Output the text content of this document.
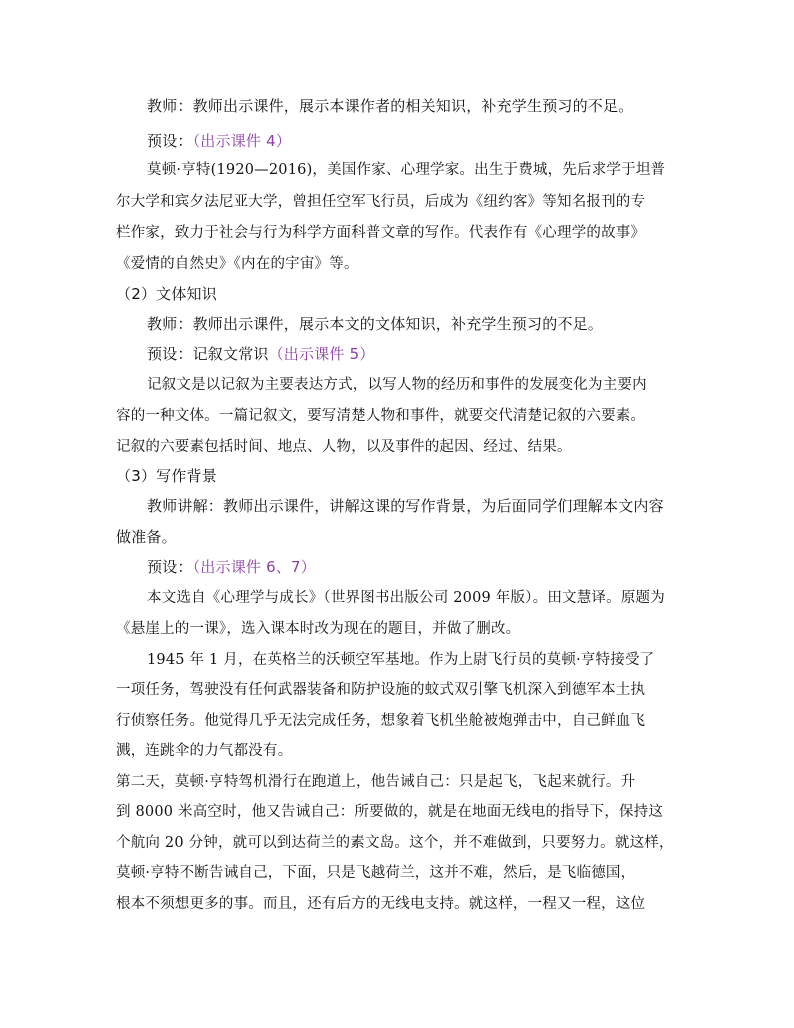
教师：教师出示课件，展示本课作者的相关知识，补充学生预习的不足。
预设：（出示课件 4）
莫顿·亨特(1920—2016)，美国作家、心理学家。出生于费城，先后求学于坦普
尔大学和宾夕法尼亚大学，曾担任空军飞行员，后成为《纽约客》等知名报刊的专
栏作家，致力于社会与行为科学方面科普文章的写作。代表作有《心理学的故事》
《爱情的自然史》《内在的宇宙》等。
（2）文体知识
教师：教师出示课件，展示本文的文体知识，补充学生预习的不足。
预设：记叙文常识（出示课件 5）
记叙文是以记叙为主要表达方式，以写人物的经历和事件的发展变化为主要内
容的一种文体。一篇记叙文，要写清楚人物和事件，就要交代清楚记叙的六要素。
记叙的六要素包括时间、地点、人物，以及事件的起因、经过、结果。
（3）写作背景
教师讲解：教师出示课件，讲解这课的写作背景，为后面同学们理解本文内容
做准备。
预设：（出示课件 6、7）
本文选自《心理学与成长》（世界图书出版公司 2009 年版）。田文慧译。原题为
《悬崖上的一课》，选入课本时改为现在的题目，并做了删改。
1945 年 1 月，在英格兰的沃顿空军基地。作为上尉飞行员的莫顿·亨特接受了
一项任务，驾驶没有任何武器装备和防护设施的蚊式双引擎飞机深入到德军本土执
行侦察任务。他觉得几乎无法完成任务，想象着飞机坐舱被炮弹击中，自己鲜血飞
溅，连跳伞的力气都没有。
第二天，莫顿·亨特驾机滑行在跑道上，他告诫自己：只是起飞，飞起来就行。升
到 8000 米高空时，他又告诫自己：所要做的，就是在地面无线电的指导下，保持这
个航向 20 分钟，就可以到达荷兰的素文岛。这个，并不难做到，只要努力。就这样，
莫顿·亨特不断告诫自己，下面，只是飞越荷兰，这并不难，然后，是飞临德国，
根本不须想更多的事。而且，还有后方的无线电支持。就这样，一程又一程，这位
